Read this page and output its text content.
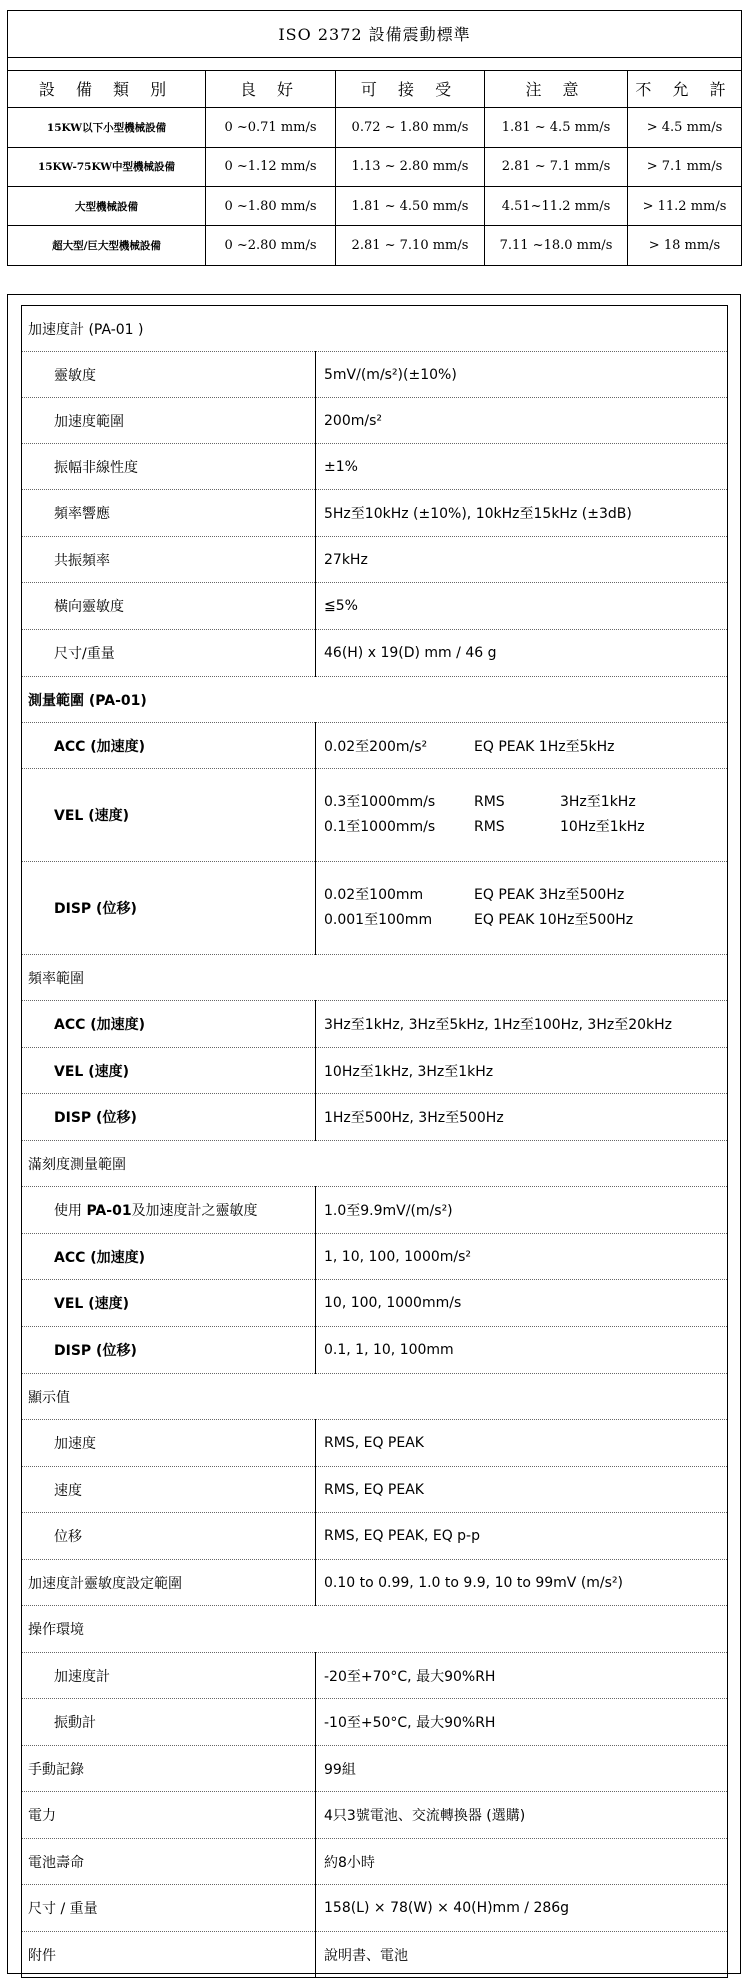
ISO 2372 設備震動標準				

設 備 類 別	良 好	可 接 受	注 意	不 允 許
15KW以下小型機械設備	0 ~0.71 mm/s	0.72 ~ 1.80 mm/s	1.81 ~ 4.5 mm/s	> 4.5 mm/s
15KW-75KW中型機械設備	0 ~1.12 mm/s	1.13 ~ 2.80 mm/s	2.81 ~ 7.1 mm/s	> 7.1 mm/s
大型機械設備	0 ~1.80 mm/s	1.81 ~ 4.50 mm/s	4.51~11.2 mm/s	> 11.2 mm/s
超大型/巨大型機械設備	0 ~2.80 mm/s	2.81 ~ 7.10 mm/s	7.11 ~18.0 mm/s	> 18 mm/s
加速度計 (PA-01 )	
靈敏度	5mV/(m/s²)(±10%)
加速度範圍	200m/s²
振幅非線性度	±1%
頻率響應	5Hz至10kHz (±10%), 10kHz至15kHz (±3dB)
共振頻率	27kHz
橫向靈敏度	≦5%
尺寸/重量	46(H) x 19(D) mm / 46 g
測量範圍 (PA-01)	
ACC (加速度)	0.02至200m/s² EQ PEAK 1Hz至5kHz
VEL (速度)	0.3至1000mm/s RMS 3Hz至1kHz
0.1至1000mm/s RMS 10Hz至1kHz

DISP (位移)	0.02至100mm EQ PEAK 3Hz至500Hz
0.001至100mm EQ PEAK 10Hz至500Hz

頻率範圍	
ACC (加速度)	3Hz至1kHz, 3Hz至5kHz, 1Hz至100Hz, 3Hz至20kHz
VEL (速度)	10Hz至1kHz, 3Hz至1kHz
DISP (位移)	1Hz至500Hz, 3Hz至500Hz
滿刻度測量範圍	
使用 PA-01及加速度計之靈敏度	1.0至9.9mV/(m/s²)
ACC (加速度)	1, 10, 100, 1000m/s²
VEL (速度)	10, 100, 1000mm/s
DISP (位移)	0.1, 1, 10, 100mm
顯示值	
加速度	RMS, EQ PEAK
速度	RMS, EQ PEAK
位移	RMS, EQ PEAK, EQ p-p
加速度計靈敏度設定範圍	0.10 to 0.99, 1.0 to 9.9, 10 to 99mV (m/s²)
操作環境	
加速度計	-20至+70°C, 最大90%RH
振動計	-10至+50°C, 最大90%RH
手動記錄	99組
電力	4只3號電池、交流轉換器 (選購)
電池壽命	約8小時
尺寸 / 重量	158(L) × 78(W) × 40(H)mm / 286g
附件	說明書、電池
